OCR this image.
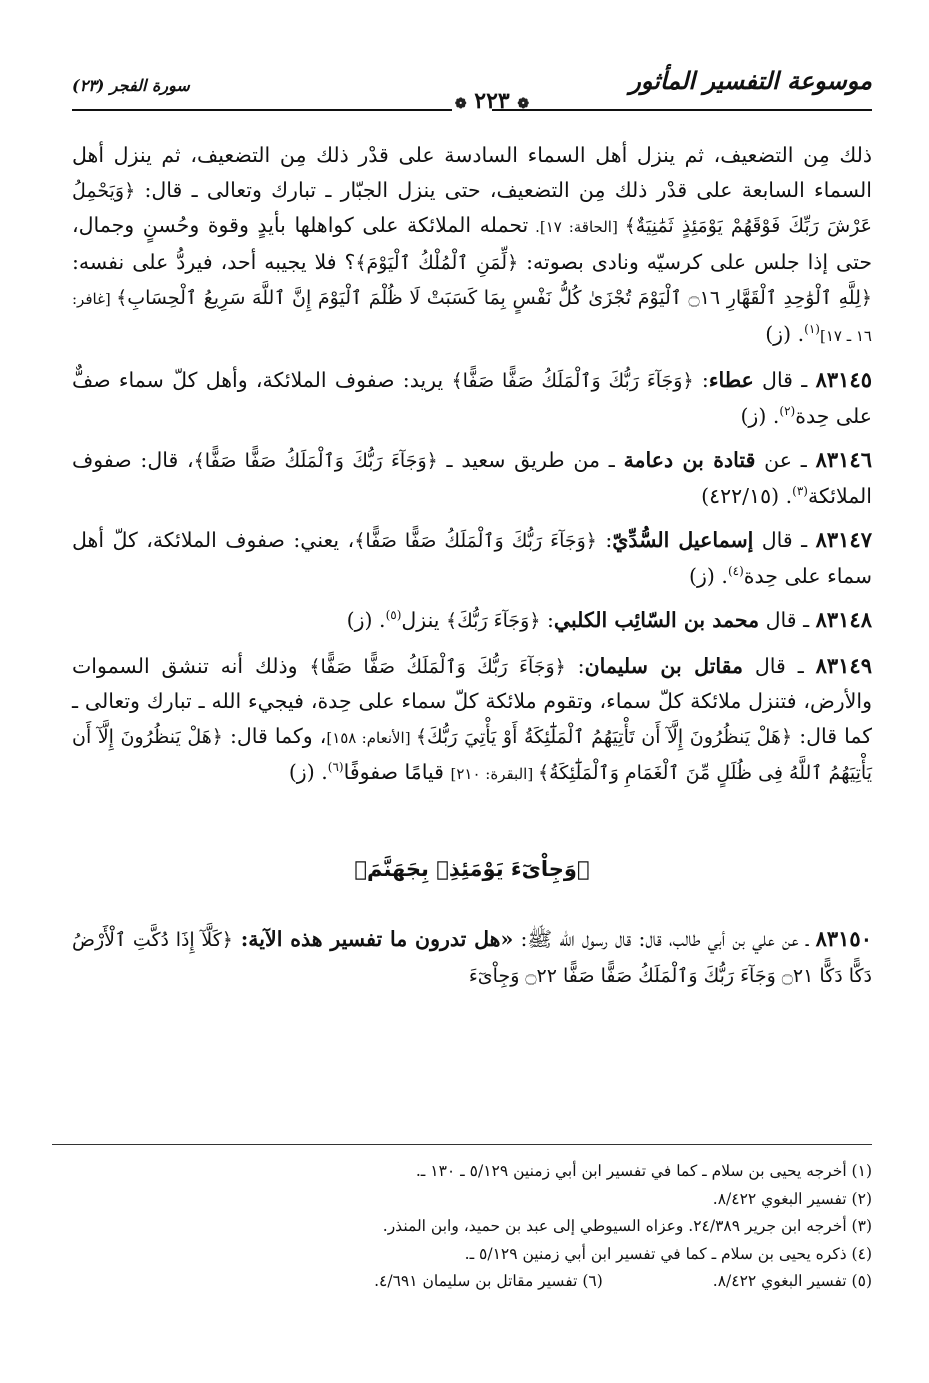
موسوعة التفسير المأثور
❁ ٢٢٣ ❁
سورة الفجر (٢٣)

ذلك مِن التضعيف، ثم ينزل أهل السماء السادسة على قدْر ذلك مِن التضعيف، ثم ينزل أهل السماء السابعة على قدْر ذلك مِن التضعيف، حتى ينزل الجبّار ـ تبارك وتعالى ـ قال: ﴿وَيَحْمِلُ عَرْشَ رَبِّكَ فَوْقَهُمْ يَوْمَئِذٍ ثَمَٰنِيَةٌ﴾ [الحاقة: ١٧]. تحمله الملائكة على كواهلها بأيدٍ وقوة وحُسنٍ وجمال، حتى إذا جلس على كرسيّه ونادى بصوته: ﴿لِّمَنِ ٱلْمُلْكُ ٱلْيَوْمَ﴾؟ فلا يجيبه أحد، فيردُّ على نفسه: ﴿لِلَّهِ ٱلْوَٰحِدِ ٱلْقَهَّارِ ۝١٦ ٱلْيَوْمَ تُجْزَىٰ كُلُّ نَفْسٍ بِمَا كَسَبَتْ لَا ظُلْمَ ٱلْيَوْمَ إِنَّ ٱللَّهَ سَرِيعُ ٱلْحِسَابِ﴾ [غافر: ١٦ ـ ١٧]$^{(١)}$. (ز)

٨٣١٤٥ ـ قال عطاء: ﴿وَجَآءَ رَبُّكَ وَٱلْمَلَكُ صَفًّا صَفًّا﴾ يريد: صفوف الملائكة، وأهل كلّ سماء صفٌّ على حِدة$^{(٢)}$. (ز)

٨٣١٤٦ ـ عن قتادة بن دعامة ـ من طريق سعيد ـ ﴿وَجَآءَ رَبُّكَ وَٱلْمَلَكُ صَفًّا صَفًّا﴾، قال: صفوف الملائكة$^{(٣)}$. (٤٢٢/١٥)

٨٣١٤٧ ـ قال إسماعيل السُّدِّيّ: ﴿وَجَآءَ رَبُّكَ وَٱلْمَلَكُ صَفًّا صَفًّا﴾، يعني: صفوف الملائكة، كلّ أهل سماء على حِدة$^{(٤)}$. (ز)

٨٣١٤٨ ـ قال محمد بن السّائِب الكلبي: ﴿وَجَآءَ رَبُّكَ﴾ ينزل$^{(٥)}$. (ز)

٨٣١٤٩ ـ قال مقاتل بن سليمان: ﴿وَجَآءَ رَبُّكَ وَٱلْمَلَكُ صَفًّا صَفًّا﴾ وذلك أنه تنشق السموات والأرض، فتنزل ملائكة كلّ سماء، وتقوم ملائكة كلّ سماء على حِدة، فيجيء الله ـ تبارك وتعالى ـ كما قال: ﴿هَلْ يَنظُرُونَ إِلَّآ أَن تَأْتِيَهُمُ ٱلْمَلَٰٓئِكَةُ أَوْ يَأْتِيَ رَبُّكَ﴾ [الأنعام: ١٥٨]، وكما قال: ﴿هَلْ يَنظُرُونَ إِلَّآ أَن يَأْتِيَهُمُ ٱللَّهُ فِى ظُلَلٍ مِّنَ ٱلْغَمَامِ وَٱلْمَلَٰٓئِكَةُ﴾ [البقرة: ٢١٠] قيامًا صفوفًا$^{(٦)}$. (ز)

﴿وَجِاْىٓءَ يَوْمَئِذِۭ بِجَهَنَّمَ﴾

٨٣١٥٠ ـ عن علي بن أبي طالب، قال: قال رسول الله ﷺ: «هل تدرون ما تفسير هذه الآية: ﴿كَلَّآ إِذَا دُكَّتِ ٱلْأَرْضُ دَكًّا دَكًّا ۝٢١ وَجَآءَ رَبُّكَ وَٱلْمَلَكُ صَفًّا صَفًّا ۝٢٢ وَجِاْىٓءَ

(١) أخرجه يحيى بن سلام ـ كما في تفسير ابن أبي زمنين ٥/١٢٩ ـ ١٣٠ ـ.
(٢) تفسير البغوي ٨/٤٢٢.
(٣) أخرجه ابن جرير ٢٤/٣٨٩. وعزاه السيوطي إلى عبد بن حميد، وابن المنذر.
(٤) ذكره يحيى بن سلام ـ كما في تفسير ابن أبي زمنين ٥/١٢٩ ـ.
(٥) تفسير البغوي ٨/٤٢٢.
(٦) تفسير مقاتل بن سليمان ٤/٦٩١.
